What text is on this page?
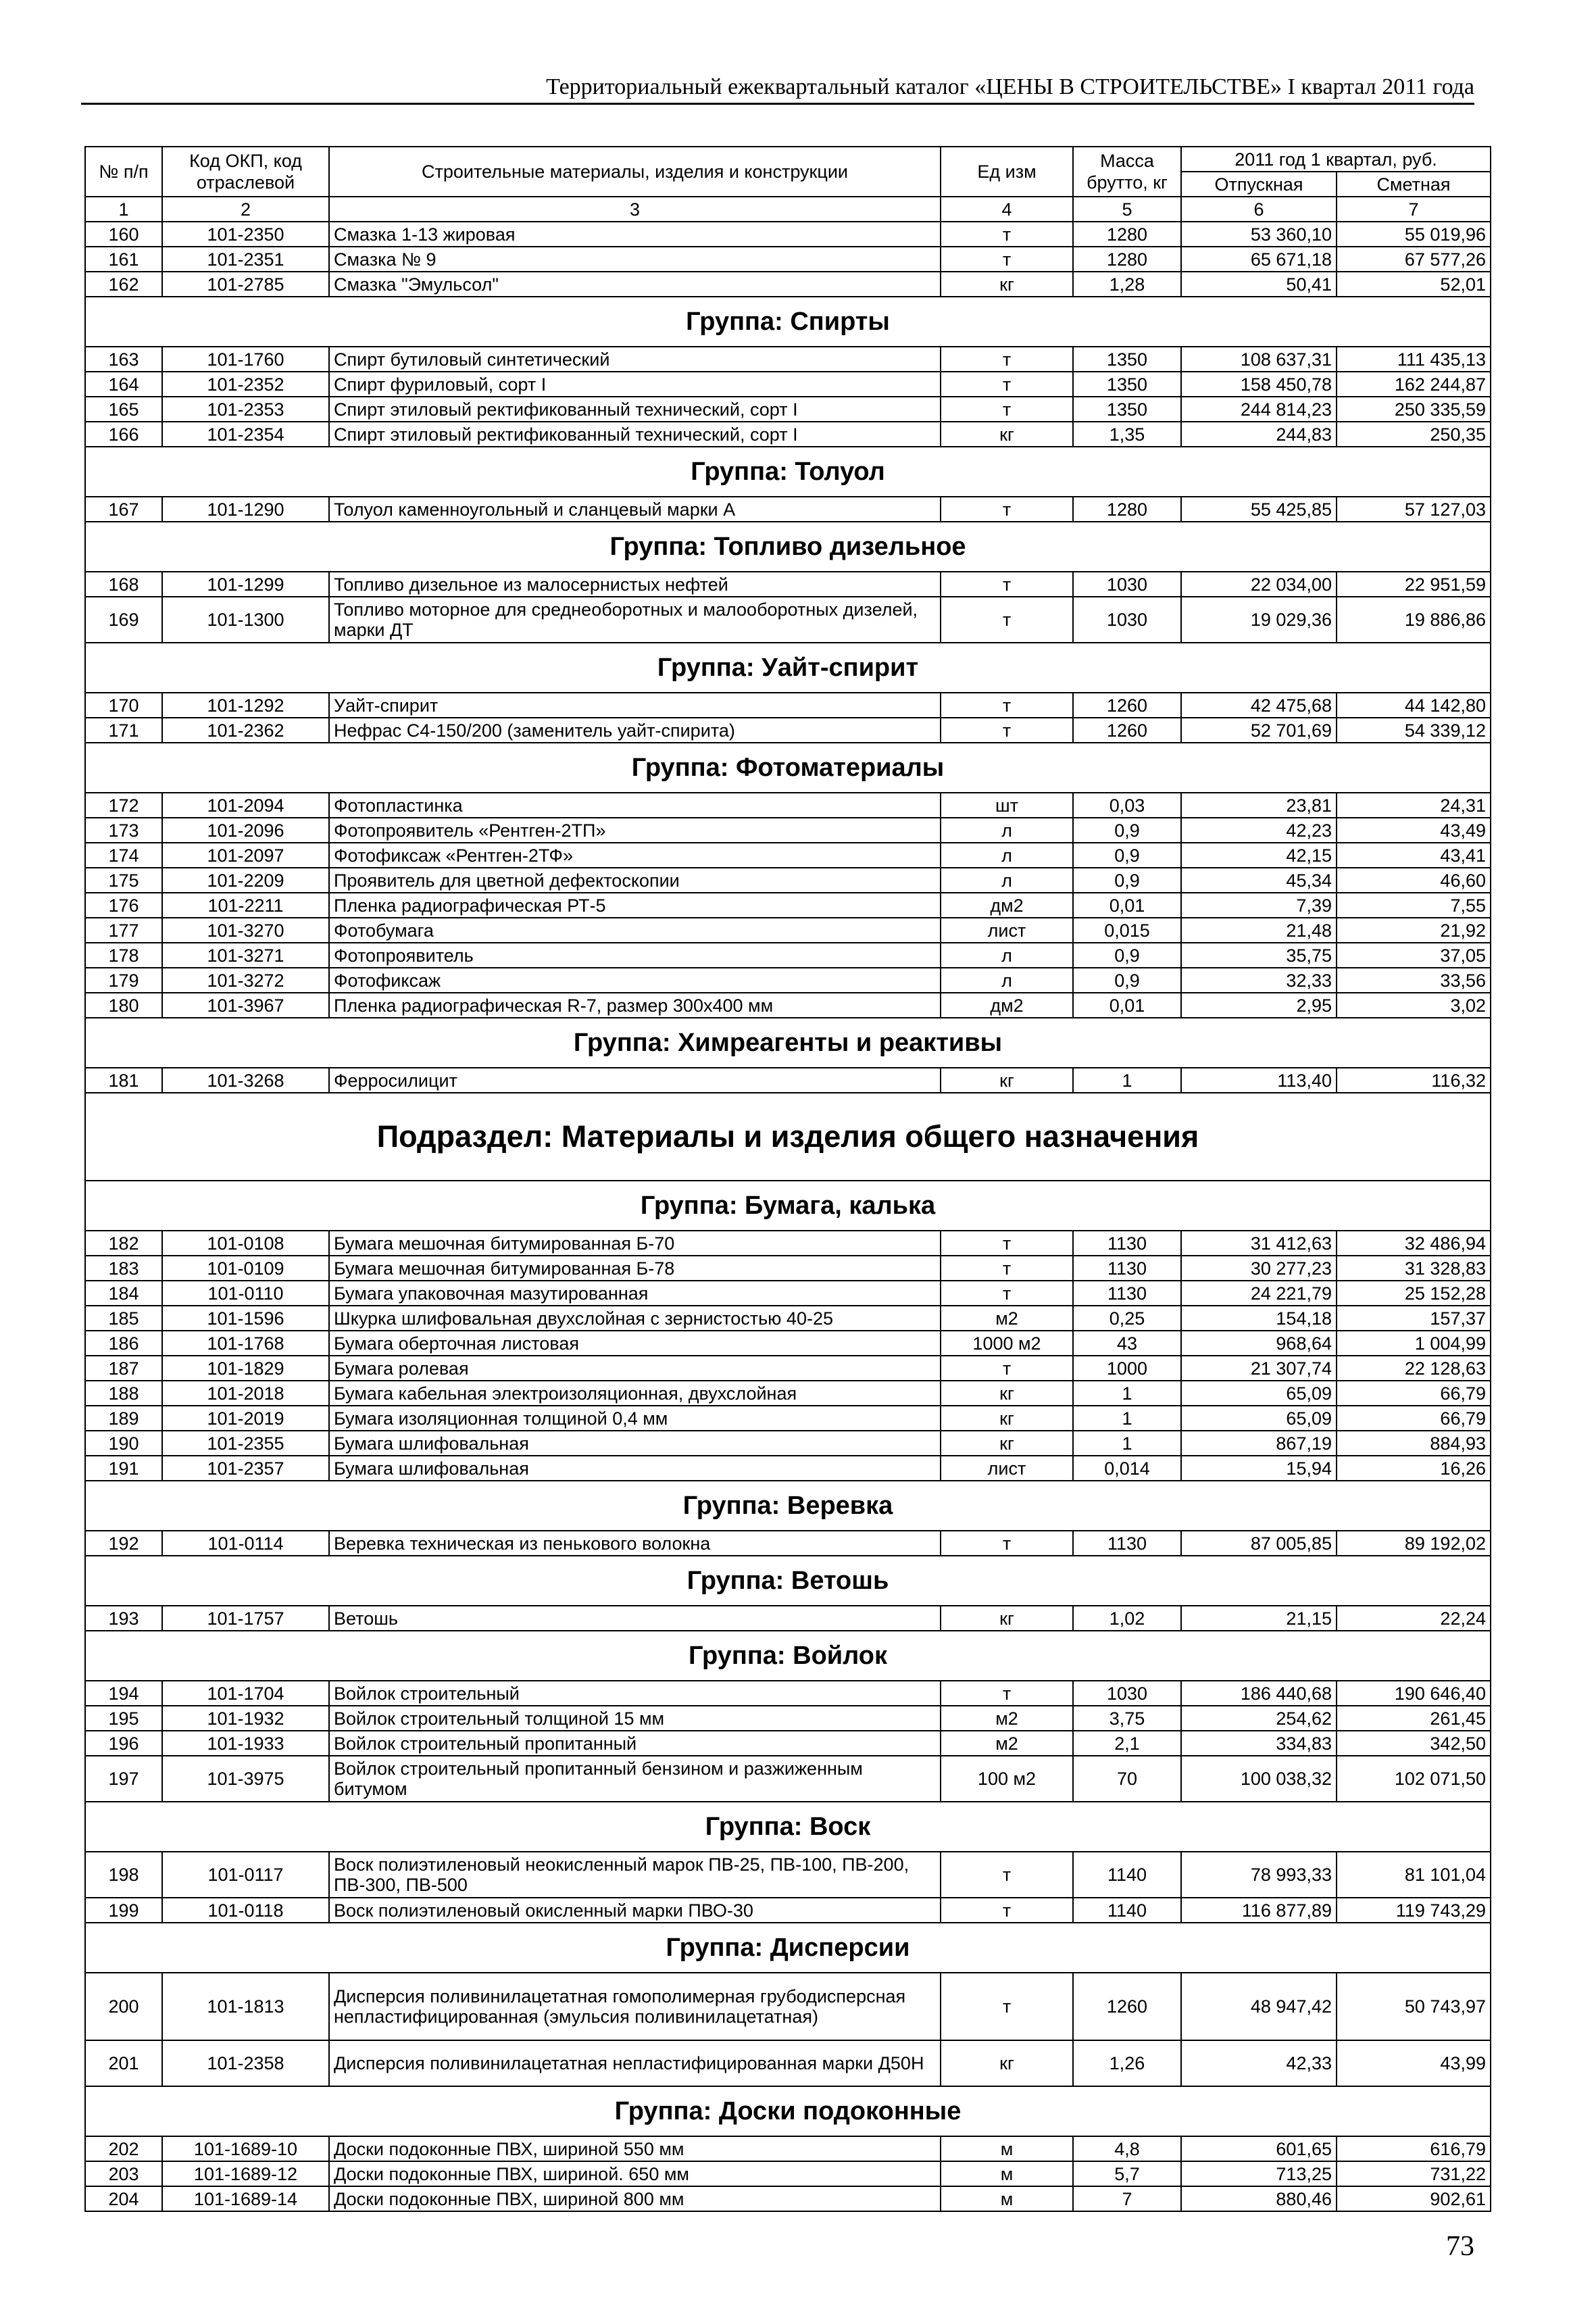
Территориальный ежеквартальный каталог «ЦЕНЫ В СТРОИТЕЛЬСТВЕ» I квартал 2011 года
№ п/п	Код ОКП, код отраслевой	Строительные материалы, изделия и конструкции	Ед изм	Масса брутто, кг	2011 год 1 квартал, руб.	
					Отпускная	Сметная
1	2	3	4	5	6	7
160	101-2350	Смазка 1-13 жировая	т	1280	53 360,10	55 019,96
161	101-2351	Смазка № 9	т	1280	65 671,18	67 577,26
162	101-2785	Смазка "Эмульсол"	кг	1,28	50,41	52,01
Группа: Спирты						
163	101-1760	Спирт бутиловый синтетический	т	1350	108 637,31	111 435,13
164	101-2352	Спирт фуриловый, сорт I	т	1350	158 450,78	162 244,87
165	101-2353	Спирт этиловый ректификованный технический, сорт I	т	1350	244 814,23	250 335,59
166	101-2354	Спирт этиловый ректификованный технический, сорт I	кг	1,35	244,83	250,35
Группа: Толуол						
167	101-1290	Толуол каменноугольный и сланцевый марки А	т	1280	55 425,85	57 127,03
Группа: Топливо дизельное						
168	101-1299	Топливо дизельное из малосернистых нефтей	т	1030	22 034,00	22 951,59
169	101-1300	Топливо моторное для среднеоборотных и малооборотных дизелей, марки ДТ	т	1030	19 029,36	19 886,86
Группа: Уайт-спирит						
170	101-1292	Уайт-спирит	т	1260	42 475,68	44 142,80
171	101-2362	Нефрас С4-150/200 (заменитель уайт-спирита)	т	1260	52 701,69	54 339,12
Группа: Фотоматериалы						
172	101-2094	Фотопластинка	шт	0,03	23,81	24,31
173	101-2096	Фотопроявитель «Рентген-2ТП»	л	0,9	42,23	43,49
174	101-2097	Фотофиксаж «Рентген-2ТФ»	л	0,9	42,15	43,41
175	101-2209	Проявитель для цветной дефектоскопии	л	0,9	45,34	46,60
176	101-2211	Пленка радиографическая РТ-5	дм2	0,01	7,39	7,55
177	101-3270	Фотобумага	лист	0,015	21,48	21,92
178	101-3271	Фотопроявитель	л	0,9	35,75	37,05
179	101-3272	Фотофиксаж	л	0,9	32,33	33,56
180	101-3967	Пленка радиографическая R-7, размер 300х400 мм	дм2	0,01	2,95	3,02
Группа: Химреагенты и реактивы						
181	101-3268	Ферросилицит	кг	1	113,40	116,32
Подраздел: Материалы и изделия общего назначения						
Группа: Бумага, калька						
182	101-0108	Бумага мешочная битумированная Б-70	т	1130	31 412,63	32 486,94
183	101-0109	Бумага мешочная битумированная Б-78	т	1130	30 277,23	31 328,83
184	101-0110	Бумага упаковочная мазутированная	т	1130	24 221,79	25 152,28
185	101-1596	Шкурка шлифовальная двухслойная с зернистостью 40-25	м2	0,25	154,18	157,37
186	101-1768	Бумага оберточная листовая	1000 м2	43	968,64	1 004,99
187	101-1829	Бумага ролевая	т	1000	21 307,74	22 128,63
188	101-2018	Бумага кабельная электроизоляционная, двухслойная	кг	1	65,09	66,79
189	101-2019	Бумага изоляционная толщиной 0,4 мм	кг	1	65,09	66,79
190	101-2355	Бумага шлифовальная	кг	1	867,19	884,93
191	101-2357	Бумага шлифовальная	лист	0,014	15,94	16,26
Группа: Веревка						
192	101-0114	Веревка техническая из пенькового волокна	т	1130	87 005,85	89 192,02
Группа: Ветошь						
193	101-1757	Ветошь	кг	1,02	21,15	22,24
Группа: Войлок						
194	101-1704	Войлок строительный	т	1030	186 440,68	190 646,40
195	101-1932	Войлок строительный толщиной 15 мм	м2	3,75	254,62	261,45
196	101-1933	Войлок строительный пропитанный	м2	2,1	334,83	342,50
197	101-3975	Войлок строительный пропитанный бензином и разжиженным битумом	100 м2	70	100 038,32	102 071,50
Группа: Воск						
198	101-0117	Воск полиэтиленовый неокисленный марок ПВ-25, ПВ-100, ПВ-200, ПВ-300, ПВ-500	т	1140	78 993,33	81 101,04
199	101-0118	Воск полиэтиленовый окисленный марки ПВО-30	т	1140	116 877,89	119 743,29
Группа: Дисперсии						
200	101-1813	Дисперсия поливинилацетатная гомополимерная грубодисперсная непластифицированная (эмульсия поливинилацетатная)	т	1260	48 947,42	50 743,97
201	101-2358	Дисперсия поливинилацетатная непластифицированная марки Д50Н	кг	1,26	42,33	43,99
Группа: Доски подоконные						
202	101-1689-10	Доски подоконные ПВХ, шириной 550 мм	м	4,8	601,65	616,79
203	101-1689-12	Доски подоконные ПВХ, шириной. 650 мм	м	5,7	713,25	731,22
204	101-1689-14	Доски подоконные ПВХ, шириной 800 мм	м	7	880,46	902,61
73
